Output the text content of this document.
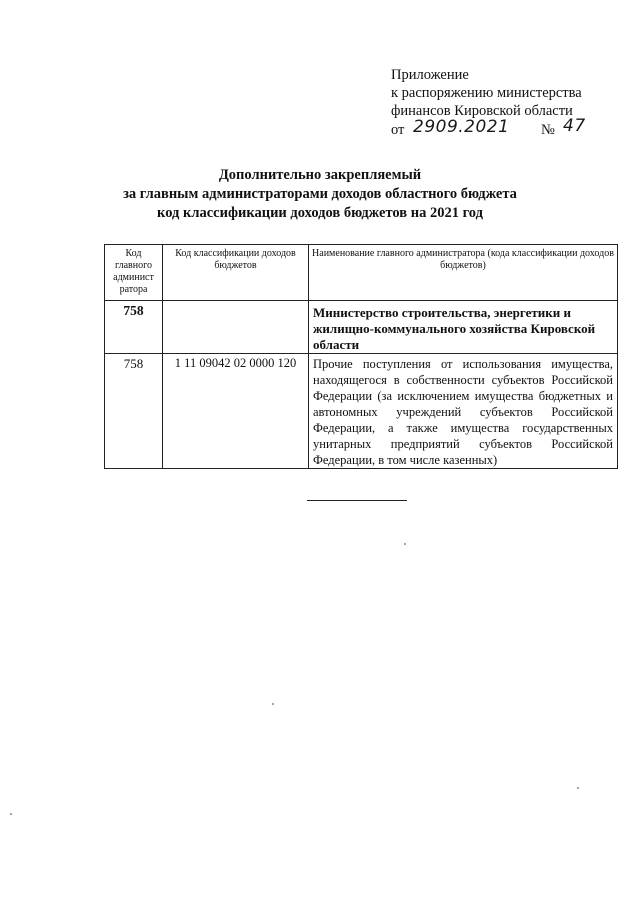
Приложение
к распоряжению министерства
финансов Кировской области
от 2909.2021 № 47
Дополнительно закрепляемый
за главным администраторами доходов областного бюджета
код классификации доходов бюджетов на 2021 год
Код главного админист ратора	Код классификации доходов бюджетов	Наименование главного администратора (кода классификации доходов бюджетов)
758		Министерство строительства, энергетики и жилищно-коммунального хозяйства Кировской области
758	1 11 09042 02 0000 120	Прочие поступления от использования имущества, находящегося в собственности субъектов Российской Федерации (за исключением имущества бюджетных и автономных учреждений субъектов Российской Федерации, а также имущества государственных унитарных предприятий субъектов Российской Федерации, в том числе казенных)
